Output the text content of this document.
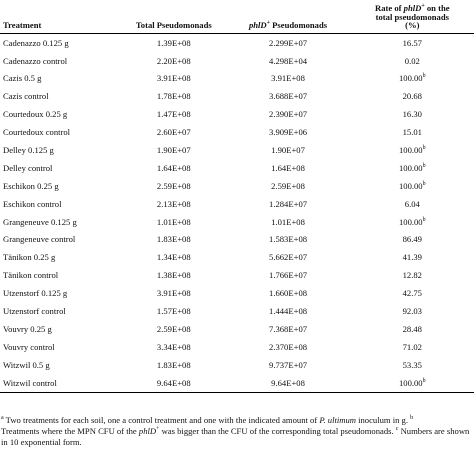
Treatment	Total Pseudomonads	phlD+ Pseudomonads	Rate of phlD+ on the
total pseudomonads
(%)

Cadenazzo 0.125 g	1.39E+08	2.299E+07	16.57
Cadenazzo control	2.20E+08	4.298E+04	0.02
Cazis 0.5 g	3.91E+08	3.91E+08	100.00$^b$
Cazis control	1.78E+08	3.688E+07	20.68
Courtedoux 0.25 g	1.47E+08	2.390E+07	16.30
Courtedoux control	2.60E+07	3.909E+06	15.01
Delley 0.125 g	1.90E+07	1.90E+07	100.00$^b$
Delley control	1.64E+08	1.64E+08	100.00$^b$
Eschikon 0.25 g	2.59E+08	2.59E+08	100.00$^b$
Eschikon control	2.13E+08	1.284E+07	6.04
Grangeneuve 0.125 g	1.01E+08	1.01E+08	100.00$^b$
Grangeneuve control	1.83E+08	1.583E+08	86.49
Tänikon 0.25 g	1.34E+08	5.662E+07	41.39
Tänikon control	1.38E+08	1.766E+07	12.82
Utzenstorf 0.125 g	3.91E+08	1.660E+08	42.75
Utzenstorf control	1.57E+08	1.444E+08	92.03
Vouvry 0.25 g	2.59E+08	7.368E+07	28.48
Vouvry control	3.34E+08	2.370E+08	71.02
Witzwil 0.5 g	1.83E+08	9.737E+07	53.35
Witzwil control	9.64E+08	9.64E+08	100.00$^b$
$^a$ Two treatments for each soil, one a control treatment and one with the indicated amount of P. ultimum inoculum in g. $^b$
Treatments where the MPN CFU of the phlD+ was bigger than the CFU of the corresponding total pseudomonads. $^c$ Numbers are shown in 10 exponential form.
